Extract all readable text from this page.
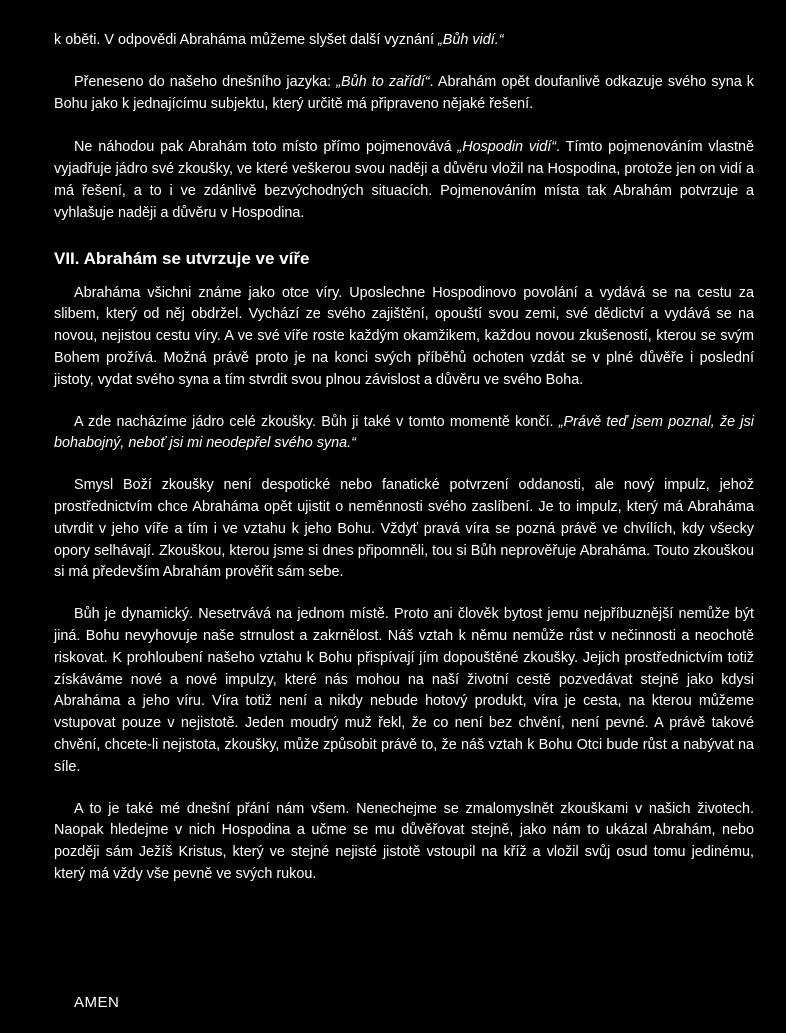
k oběti. V odpovědi Abraháma můžeme slyšet další vyznání „Bůh vidí.“

Přeneseno do našeho dnešního jazyka: „Bůh to zařídí“. Abrahám opět doufanlivě odkazuje svého syna k Bohu jako k jednajícímu subjektu, který určitě má připraveno nějaké řešení.

Ne náhodou pak Abrahám toto místo přímo pojmenovává „Hospodin vidí“. Tímto pojmenováním vlastně vyjadřuje jádro své zkoušky, ve které veškerou svou naději a důvěru vložil na Hospodina, protože jen on vidí a má řešení, a to i ve zdánlivě bezvýchodných situacích. Pojmenováním místa tak Abrahám potvrzuje a vyhlašuje naději a důvěru v Hospodina.

VII. Abrahám se utvrzuje ve víře

Abraháma všichni známe jako otce víry. Uposlechne Hospodinovo povolání a vydává se na cestu za slibem, který od něj obdržel. Vychází ze svého zajištění, opouští svou zemi, své dědictví a vydává se na novou, nejistou cestu víry. A ve své víře roste každým okamžikem, každou novou zkušeností, kterou se svým Bohem prožívá. Možná právě proto je na konci svých příběhů ochoten vzdát se v plné důvěře i poslední jistoty, vydat svého syna a tím stvrdit svou plnou závislost a důvěru ve svého Boha.

A zde nacházíme jádro celé zkoušky. Bůh ji také v tomto momentě končí. „Právě teď jsem poznal, že jsi bohabojný, neboť jsi mi neodepřel svého syna.“

Smysl Boží zkoušky není despotické nebo fanatické potvrzení oddanosti, ale nový impulz, jehož prostřednictvím chce Abraháma opět ujistit o neměnnosti svého zaslíbení. Je to impulz, který má Abraháma utvrdit v jeho víře a tím i ve vztahu k jeho Bohu. Vždyť pravá víra se pozná právě ve chvílích, kdy všecky opory selhávají. Zkouškou, kterou jsme si dnes připomněli, tou si Bůh neprověřuje Abraháma. Touto zkouškou si má především Abrahám prověřit sám sebe.

Bůh je dynamický. Nesetrvává na jednom místě. Proto ani člověk bytost jemu nejpříbuznější nemůže být jiná. Bohu nevyhovuje naše strnulost a zakrnělost. Náš vztah k němu nemůže růst v nečinnosti a neochotě riskovat. K prohloubení našeho vztahu k Bohu přispívají jím dopouštěné zkoušky. Jejich prostřednictvím totiž získáváme nové a nové impulzy, které nás mohou na naší životní cestě pozvedávat stejně jako kdysi Abraháma a jeho víru. Víra totiž není a nikdy nebude hotový produkt, víra je cesta, na kterou můžeme vstupovat pouze v nejistotě. Jeden moudrý muž řekl, že co není bez chvění, není pevné. A právě takové chvění, chcete-li nejistota, zkoušky, může způsobit právě to, že náš vztah k Bohu Otci bude růst a nabývat na síle.

A to je také mé dnešní přání nám všem. Nenechejme se zmalomyslnět zkouškami v našich životech. Naopak hledejme v nich Hospodina a učme se mu důvěřovat stejně, jako nám to ukázal Abrahám, nebo později sám Ježíš Kristus, který ve stejné nejisté jistotě vstoupil na kříž a vložil svůj osud tomu jedinému, který má vždy vše pevně ve svých rukou.

AMEN
